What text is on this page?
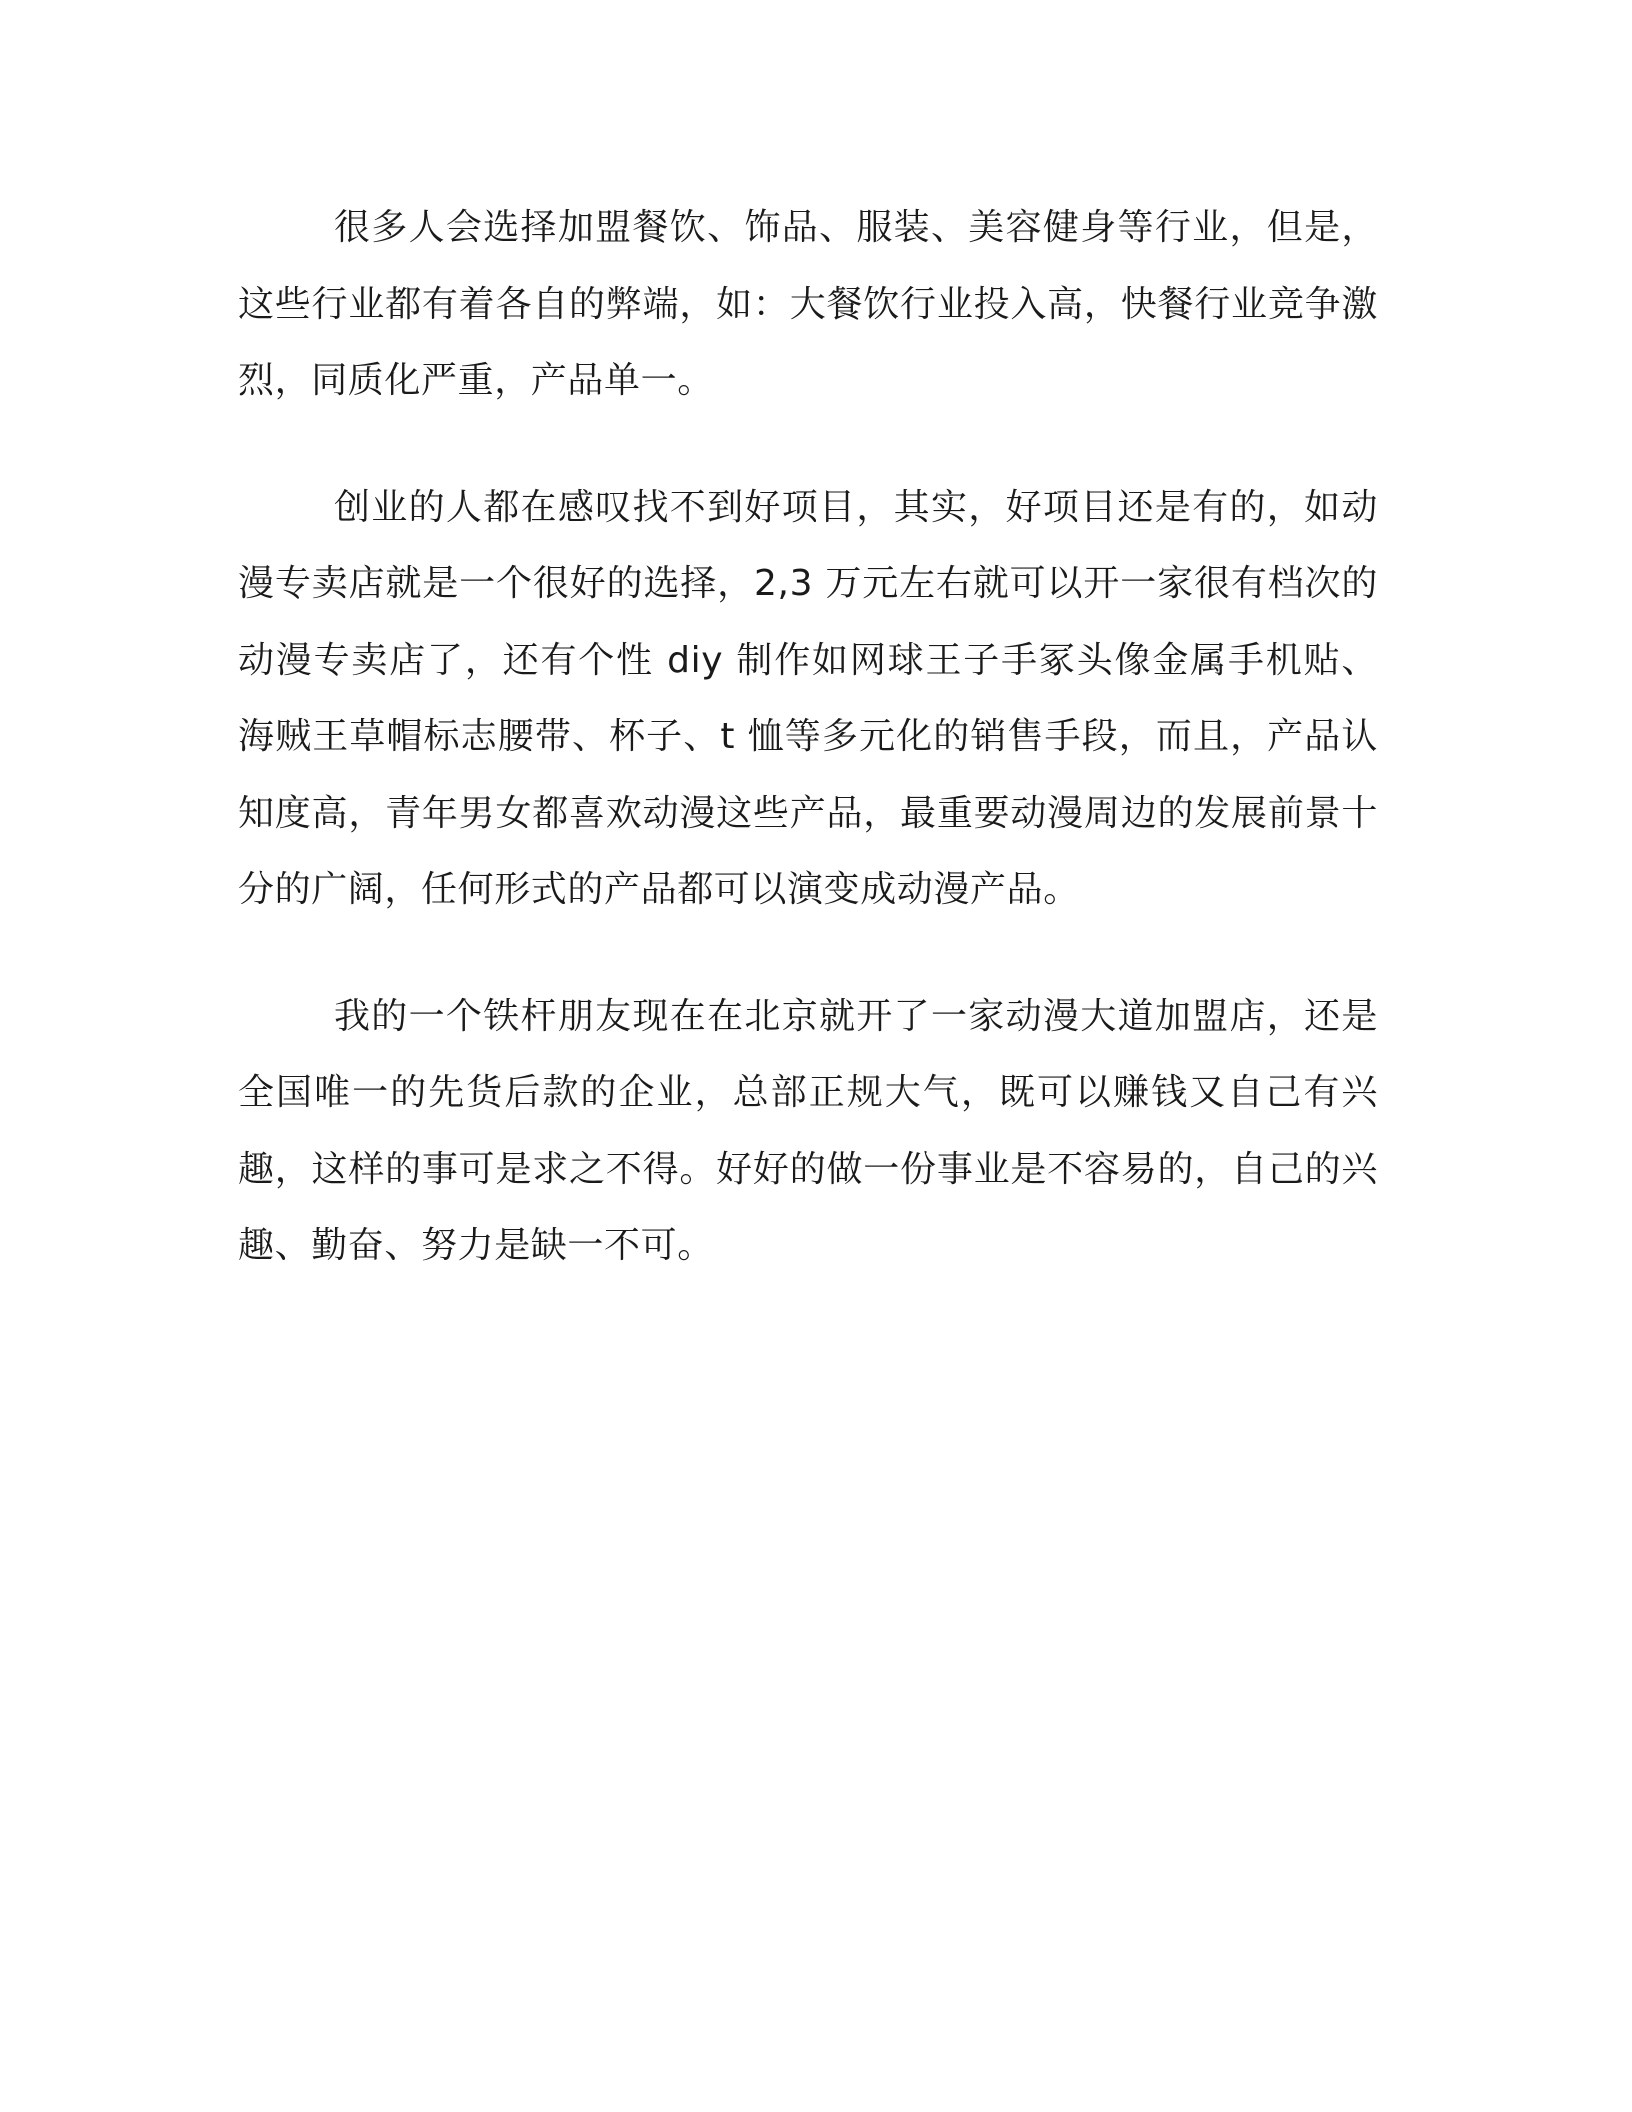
很多人会选择加盟餐饮、饰品、服装、美容健身等行业，但是，这些行业都有着各自的弊端，如：大餐饮行业投入高，快餐行业竞争激烈，同质化严重，产品单一。

创业的人都在感叹找不到好项目，其实，好项目还是有的，如动漫专卖店就是一个很好的选择，2,3 万元左右就可以开一家很有档次的动漫专卖店了，还有个性 diy 制作如网球王子手冢头像金属手机贴、海贼王草帽标志腰带、杯子、t 恤等多元化的销售手段，而且，产品认知度高，青年男女都喜欢动漫这些产品，最重要动漫周边的发展前景十分的广阔，任何形式的产品都可以演变成动漫产品。

我的一个铁杆朋友现在在北京就开了一家动漫大道加盟店，还是全国唯一的先货后款的企业，总部正规大气，既可以赚钱又自己有兴趣，这样的事可是求之不得。好好的做一份事业是不容易的，自己的兴趣、勤奋、努力是缺一不可。
